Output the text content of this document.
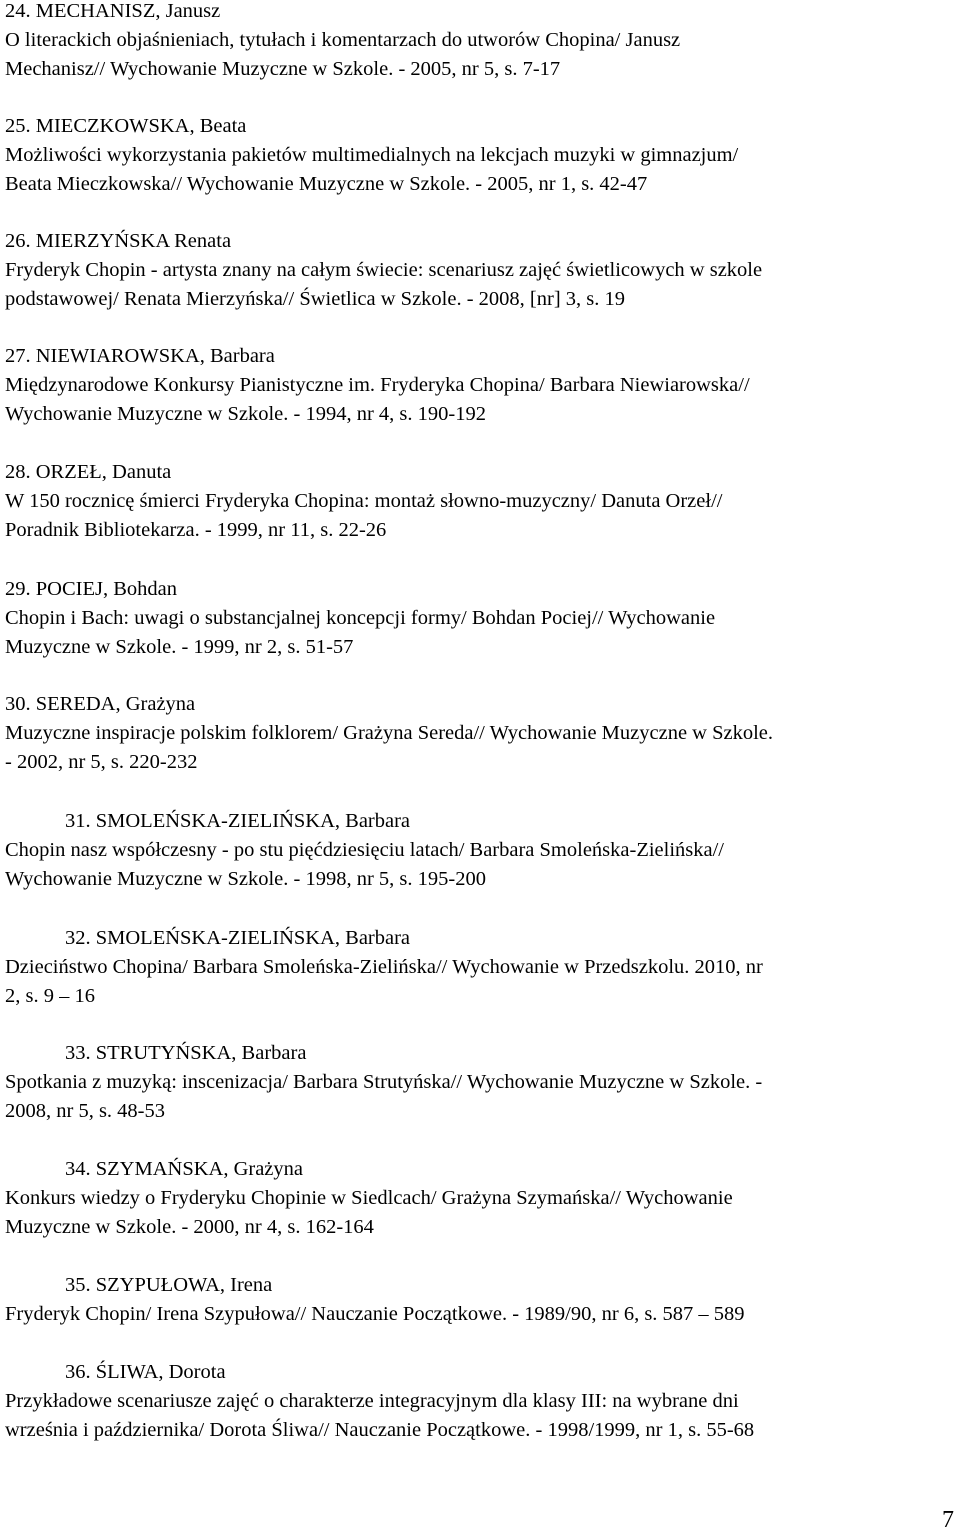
24. MECHANISZ, Janusz
O literackich objaśnieniach, tytułach i komentarzach do utworów Chopina/ Janusz
Mechanisz// Wychowanie Muzyczne w Szkole. - 2005, nr 5, s. 7-17
25. MIECZKOWSKA, Beata
Możliwości wykorzystania pakietów multimedialnych na lekcjach muzyki w gimnazjum/
Beata Mieczkowska// Wychowanie Muzyczne w Szkole. - 2005, nr 1, s. 42-47
26. MIERZYŃSKA Renata
Fryderyk Chopin - artysta znany na całym świecie: scenariusz zajęć świetlicowych w szkole
podstawowej/ Renata Mierzyńska// Świetlica w Szkole. - 2008, [nr] 3, s. 19
27. NIEWIAROWSKA, Barbara
Międzynarodowe Konkursy Pianistyczne im. Fryderyka Chopina/ Barbara Niewiarowska//
Wychowanie Muzyczne w Szkole. - 1994, nr 4, s. 190-192
28. ORZEŁ, Danuta
W 150 rocznicę śmierci Fryderyka Chopina: montaż słowno-muzyczny/ Danuta Orzeł//
Poradnik Bibliotekarza. - 1999, nr 11, s. 22-26
29. POCIEJ, Bohdan
Chopin i Bach: uwagi o substancjalnej koncepcji formy/ Bohdan Pociej// Wychowanie
Muzyczne w Szkole. - 1999, nr 2, s. 51-57
30. SEREDA, Grażyna
Muzyczne inspiracje polskim folklorem/ Grażyna Sereda// Wychowanie Muzyczne w Szkole.
- 2002, nr 5, s. 220-232
31. SMOLEŃSKA-ZIELIŃSKA, Barbara
Chopin nasz współczesny - po stu pięćdziesięciu latach/ Barbara Smoleńska-Zielińska//
Wychowanie Muzyczne w Szkole. - 1998, nr 5, s. 195-200
32. SMOLEŃSKA-ZIELIŃSKA, Barbara
Dzieciństwo Chopina/ Barbara Smoleńska-Zielińska// Wychowanie w Przedszkolu. 2010, nr
2, s. 9 – 16
33. STRUTYŃSKA, Barbara
Spotkania z muzyką: inscenizacja/ Barbara Strutyńska// Wychowanie Muzyczne w Szkole. -
2008, nr 5, s. 48-53
34. SZYMAŃSKA, Grażyna
Konkurs wiedzy o Fryderyku Chopinie w Siedlcach/ Grażyna Szymańska// Wychowanie
Muzyczne w Szkole. - 2000, nr 4, s. 162-164
35. SZYPUŁOWA, Irena
Fryderyk Chopin/ Irena Szypułowa// Nauczanie Początkowe. - 1989/90, nr 6, s. 587 – 589
36. ŚLIWA, Dorota
Przykładowe scenariusze zajęć o charakterze integracyjnym dla klasy III: na wybrane dni
września i października/ Dorota Śliwa// Nauczanie Początkowe. - 1998/1999, nr 1, s. 55-68
7
